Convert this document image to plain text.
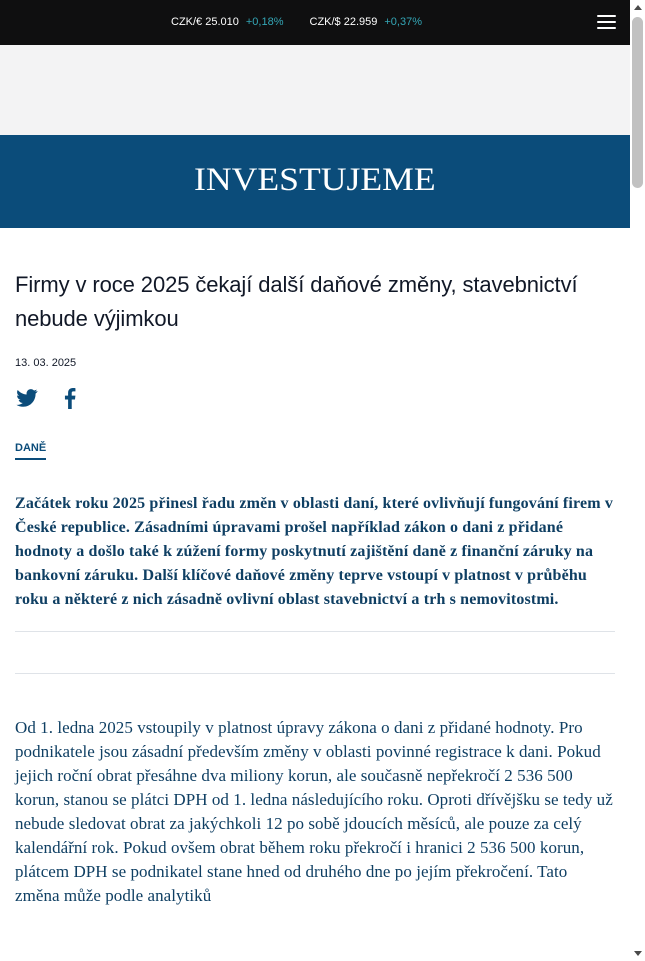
CZK/€ 25.010 +0,18% CZK/$ 22.959 +0,37%
INVESTUJEME
Firmy v roce 2025 čekají další daňové změny, stavebnictví nebude výjimkou
13. 03. 2025
DANĚ

Začátek roku 2025 přinesl řadu změn v oblasti daní, které ovlivňují fungování firem v České republice. Zásadními úpravami prošel například zákon o dani z přidané hodnoty a došlo také k zúžení formy poskytnutí zajištění daně z finanční záruky na bankovní záruku. Další klíčové daňové změny teprve vstoupí v platnost v průběhu roku a některé z nich zásadně ovlivní oblast stavebnictví a trh s nemovitostmi.

Od 1. ledna 2025 vstoupily v platnost úpravy zákona o dani z přidané hodnoty. Pro podnikatele jsou zásadní především změny v oblasti povinné registrace k dani. Pokud jejich roční obrat přesáhne dva miliony korun, ale současně nepřekročí 2 536 500 korun, stanou se plátci DPH od 1. ledna následujícího roku. Oproti dřívějšku se tedy už nebude sledovat obrat za jakýchkoli 12 po sobě jdoucích měsíců, ale pouze za celý kalendářní rok. Pokud ovšem obrat během roku překročí i hranici 2 536 500 korun, plátcem DPH se podnikatel stane hned od druhého dne po jejím překročení. Tato změna může podle analytiků
